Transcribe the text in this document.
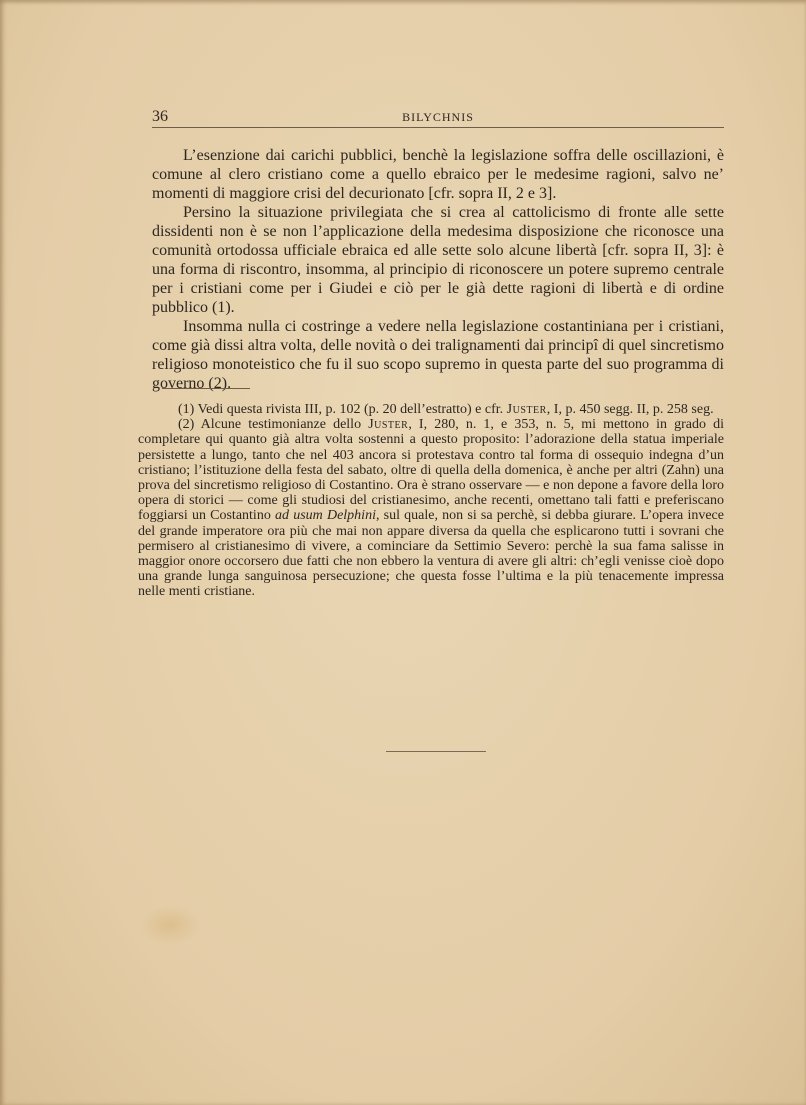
36	BILYCHNIS

L’esenzione dai carichi pubblici, benchè la legislazione soffra delle oscillazioni, è comune al clero cristiano come a quello ebraico per le medesime ragioni, salvo ne’ momenti di maggiore crisi del decurionato [cfr. sopra II, 2 e 3].

Persino la situazione privilegiata che si crea al cattolicismo di fronte alle sette dissidenti non è se non l’applicazione della medesima disposizione che riconosce una comunità ortodossa ufficiale ebraica ed alle sette solo alcune libertà [cfr. sopra II, 3]: è una forma di riscontro, insomma, al principio di riconoscere un potere supremo centrale per i cristiani come per i Giudei e ciò per le già dette ragioni di libertà e di ordine pubblico (1).

Insomma nulla ci costringe a vedere nella legislazione costantiniana per i cristiani, come già dissi altra volta, delle novità o dei tralignamenti dai principî di quel sincretismo religioso monoteistico che fu il suo scopo supremo in questa parte del suo programma di governo (2).

(1) Vedi questa rivista III, p. 102 (p. 20 dell’estratto) e cfr. Juster, I, p. 450 segg. II, p. 258 seg.

(2) Alcune testimonianze dello Juster, I, 280, n. 1, e 353, n. 5, mi mettono in grado di completare qui quanto già altra volta sostenni a questo proposito: l’adorazione della statua imperiale persistette a lungo, tanto che nel 403 ancora si protestava contro tal forma di ossequio indegna d’un cristiano; l’istituzione della festa del sabato, oltre di quella della domenica, è anche per altri (Zahn) una prova del sincretismo religioso di Costantino. Ora è strano osservare — e non depone a favore della loro opera di storici — come gli studiosi del cristianesimo, anche recenti, omettano tali fatti e preferiscano foggiarsi un Costantino ad usum Delphini, sul quale, non si sa perchè, si debba giurare. L’opera invece del grande imperatore ora più che mai non appare diversa da quella che esplicarono tutti i sovrani che permisero al cristianesimo di vivere, a cominciare da Settimio Severo: perchè la sua fama salisse in maggior onore occorsero due fatti che non ebbero la ventura di avere gli altri: ch’egli venisse cioè dopo una grande lunga sanguinosa persecuzione; che questa fosse l’ultima e la più tenacemente impressa nelle menti cristiane.
